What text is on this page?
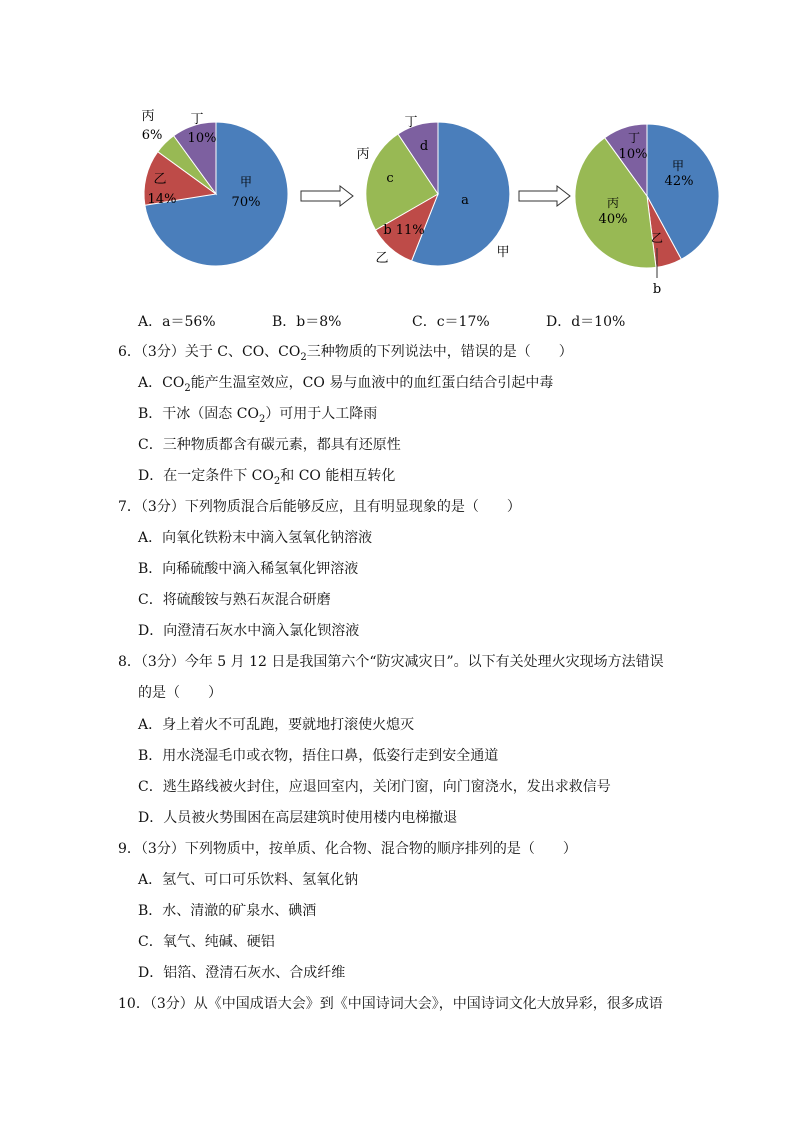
甲
70%
乙
14%
丙
6%
丁
10%
a
甲
b 11%
乙
c
丙
d
丁
甲
42%
乙
b
丙
40%
丁
10%
A．a＝56%	B．b＝8%	C．c＝17%	D．d＝10%
6．（3分）关于 C、CO、$CO_2$三种物质的下列说法中，错误的是（　　）
A．$CO_2$能产生温室效应，CO 易与血液中的血红蛋白结合引起中毒
B．干冰（固态 $CO_2$）可用于人工降雨
C．三种物质都含有碳元素，都具有还原性
D．在一定条件下 $CO_2$和 CO 能相互转化
7．（3分）下列物质混合后能够反应，且有明显现象的是（　　）
A．向氧化铁粉末中滴入氢氧化钠溶液
B．向稀硫酸中滴入稀氢氧化钾溶液
C．将硫酸铵与熟石灰混合研磨
D．向澄清石灰水中滴入氯化钡溶液
8．（3分）今年 5 月 12 日是我国第六个“防灾减灾日”。以下有关处理火灾现场方法错误
的是（　　）
A．身上着火不可乱跑，要就地打滚使火熄灭
B．用水浇湿毛巾或衣物，捂住口鼻，低姿行走到安全通道
C．逃生路线被火封住，应退回室内，关闭门窗，向门窗浇水，发出求救信号
D．人员被火势围困在高层建筑时使用楼内电梯撤退
9．（3分）下列物质中，按单质、化合物、混合物的顺序排列的是（　　）
A．氢气、可口可乐饮料、氢氧化钠
B．水、清澈的矿泉水、碘酒
C．氧气、纯碱、硬铝
D．铝箔、澄清石灰水、合成纤维
10．（3分）从《中国成语大会》到《中国诗词大会》，中国诗词文化大放异彩，很多成语
